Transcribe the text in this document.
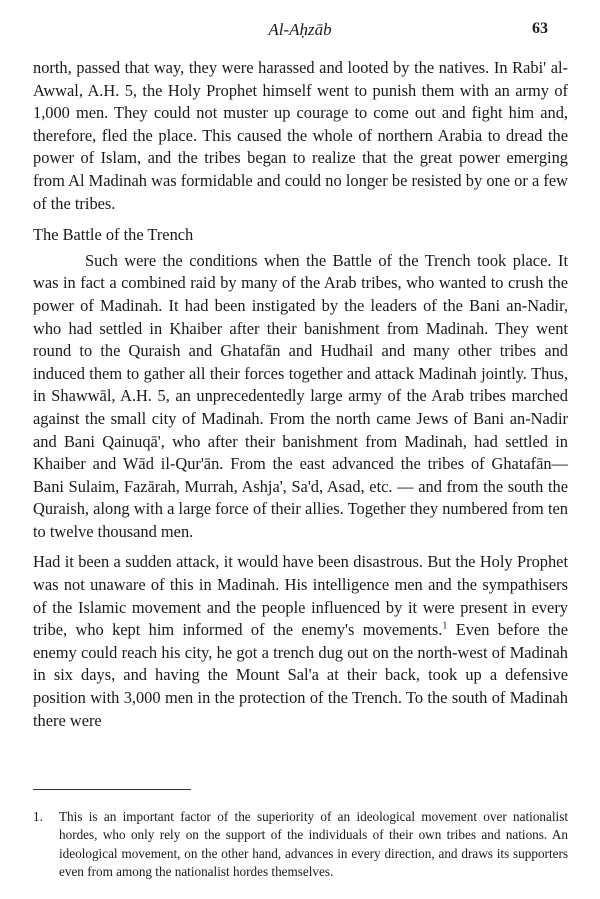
Al-Aḥzāb	63

north, passed that way, they were harassed and looted by the natives. In Rabi' al-Awwal, A.H. 5, the Holy Prophet himself went to punish them with an army of 1,000 men. They could not muster up courage to come out and fight him and, therefore, fled the place. This caused the whole of northern Arabia to dread the power of Islam, and the tribes began to realize that the great power emerging from Al Madinah was formidable and could no longer be resisted by one or a few of the tribes.

The Battle of the Trench

Such were the conditions when the Battle of the Trench took place. It was in fact a combined raid by many of the Arab tribes, who wanted to crush the power of Madinah. It had been instigated by the leaders of the Bani an-Nadir, who had settled in Khaiber after their banishment from Madinah. They went round to the Quraish and Ghatafān and Hudhail and many other tribes and induced them to gather all their forces together and attack Madinah jointly. Thus, in Shawwāl, A.H. 5, an unprecedentedly large army of the Arab tribes marched against the small city of Madinah. From the north came Jews of Bani an-Nadir and Bani Qainuqā', who after their banishment from Madinah, had settled in Khaiber and Wād il-Qur'ān. From the east advanced the tribes of Ghatafān—Bani Sulaim, Fazārah, Murrah, Ashja', Sa'd, Asad, etc. — and from the south the Quraish, along with a large force of their allies. Together they numbered from ten to twelve thousand men.

Had it been a sudden attack, it would have been disastrous. But the Holy Prophet was not unaware of this in Madinah. His intelligence men and the sympathisers of the Islamic movement and the people influenced by it were present in every tribe, who kept him informed of the enemy's movements.$^1$ Even before the enemy could reach his city, he got a trench dug out on the north-west of Madinah in six days, and having the Mount Sal'a at their back, took up a defensive position with 3,000 men in the protection of the Trench. To the south of Madinah there were

1. This is an important factor of the superiority of an ideological movement over nationalist hordes, who only rely on the support of the individuals of their own tribes and nations. An ideological movement, on the other hand, advances in every direction, and draws its supporters even from among the nationalist hordes themselves.
